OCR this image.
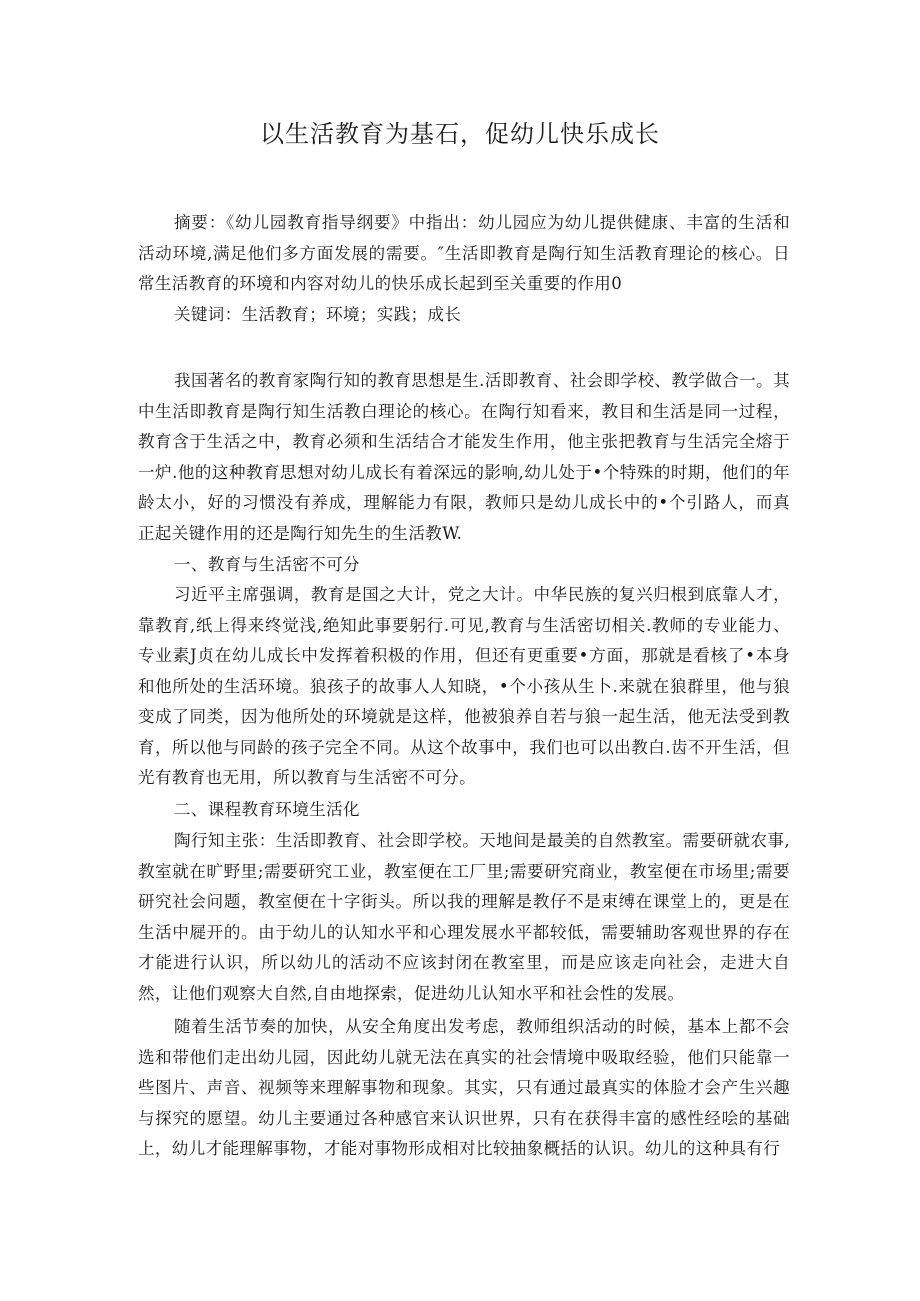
以生活教育为基石，促幼儿快乐成长

摘要：《幼儿园教育指导纲要》中指出：幼儿园应为幼儿提供健康、丰富的生活和活动环境,满足他们多方面发展的需要。″生活即教育是陶行知生活教育理论的核心。日常生活教育的环境和内容对幼儿的快乐成长起到至关重要的作用0

关键词：生活教育；环境；实践；成长

我国著名的教育家陶行知的教育思想是生.活即教育、社会即学校、教学做合一。其中生活即教育是陶行知生活教白理论的核心。在陶行知看来，教目和生活是同一过程，教育含于生活之中，教育必须和生活结合才能发生作用，他主张把教育与生活完全熔于一炉.他的这种教育思想对幼儿成长有着深远的影响,幼儿处于•个特殊的时期，他们的年龄太小，好的习惯没有养成，理解能力有限，教师只是幼儿成长中的•个引路人，而真正起关键作用的还是陶行知先生的生活教W.

一、教育与生活密不可分

习近平主席强调，教育是国之大计，党之大计。中华民族的复兴归根到底靠人才，靠教育,纸上得来终觉浅,绝知此事要躬行.可见,教育与生活密切相关.教师的专业能力、专业素J贞在幼儿成长中发挥着积极的作用，但还有更重要•方面，那就是看核了•本身和他所处的生活环境。狼孩子的故事人人知晓，•个小孩从生卜.来就在狼群里，他与狼变成了同类，因为他所处的环境就是这样，他被狼养自若与狼一起生活，他无法受到教育，所以他与同龄的孩子完全不同。从这个故事中，我们也可以出教白.齿不开生活，但光有教育也无用，所以教育与生活密不可分。

二、课程教育环境生活化

陶行知主张：生活即教育、社会即学校。天地间是最美的自然教室。需要研就农事,教室就在旷野里;需要研究工业，教室便在工厂里;需要研究商业，教室便在市场里;需要研究社会问题，教室便在十字街头。所以我的理解是教仔不是束缚在课堂上的，更是在生活中屣开的。由于幼儿的认知水平和心理发展水平都较低，需要辅助客观世界的存在才能进行认识，所以幼儿的活动不应该封闭在教室里，而是应该走向社会，走进大自然，让他们观察大自然,自由地探索，促进幼儿认知水平和社会性的发展。

随着生活节奏的加快，从安全角度出发考虑，教师组织活动的时候，基本上都不会选和带他们走出幼儿园，因此幼儿就无法在真实的社会情境中吸取经验，他们只能靠一些图片、声音、视频等来理解事物和现象。其实，只有通过最真实的体脸才会产生兴趣与探究的愿望。幼儿主要通过各种感官来认识世界，只有在获得丰富的感性经哙的基础上，幼儿才能理解事物，才能对事物形成相对比较抽象概括的认识。幼儿的这种具有行
